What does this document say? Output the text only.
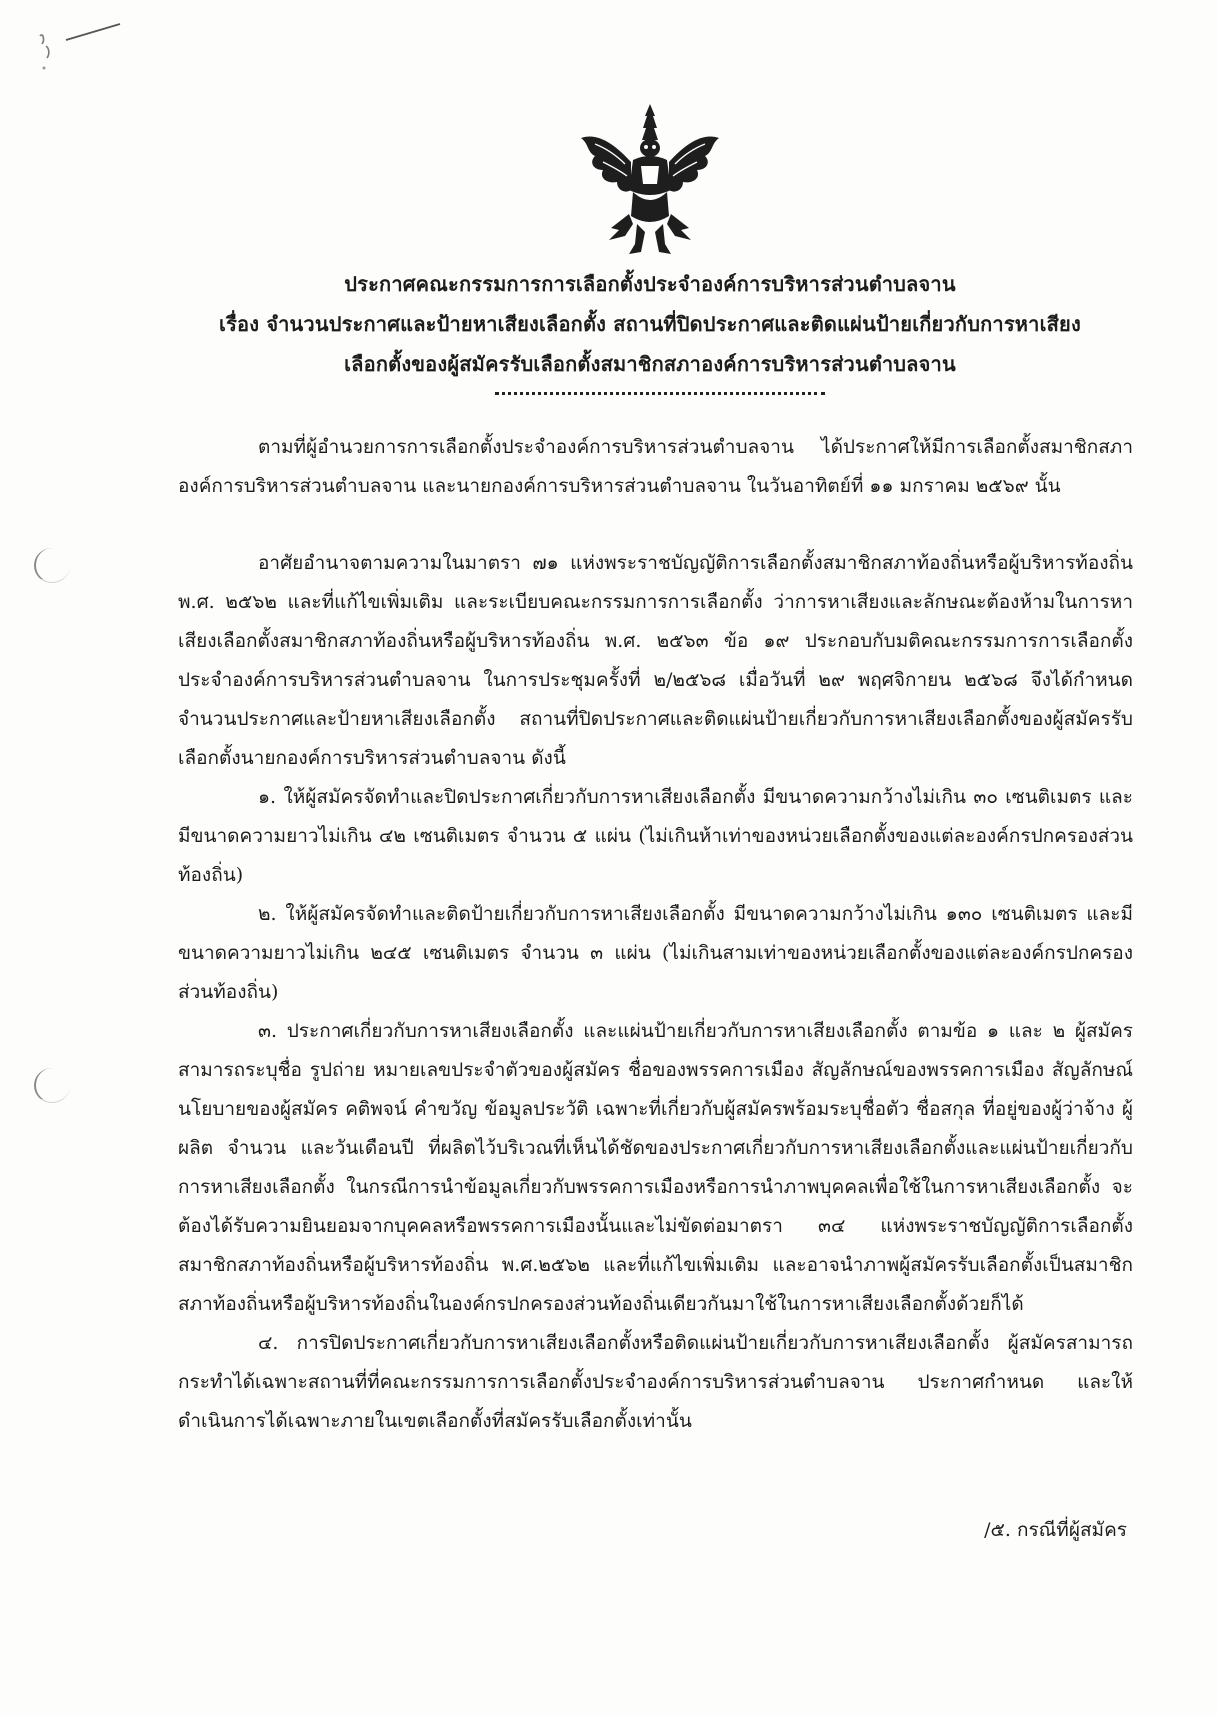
ประกาศคณะกรรมการการเลือกตั้งประจำองค์การบริหารส่วนตำบลจาน
เรื่อง จำนวนประกาศและป้ายหาเสียงเลือกตั้ง สถานที่ปิดประกาศและติดแผ่นป้ายเกี่ยวกับการหาเสียง
เลือกตั้งของผู้สมัครรับเลือกตั้งสมาชิกสภาองค์การบริหารส่วนตำบลจาน

ตามที่ผู้อำนวยการการเลือกตั้งประจำองค์การบริหารส่วนตำบลจาน ได้ประกาศให้มีการเลือกตั้งสมาชิกสภาองค์การบริหารส่วนตำบลจาน และนายกองค์การบริหารส่วนตำบลจาน ในวันอาทิตย์ที่ ๑๑ มกราคม ๒๕๖๙ นั้น

อาศัยอำนาจตามความในมาตรา ๗๑ แห่งพระราชบัญญัติการเลือกตั้งสมาชิกสภาท้องถิ่นหรือผู้บริหารท้องถิ่น พ.ศ. ๒๕๖๒ และที่แก้ไขเพิ่มเติม และระเบียบคณะกรรมการการเลือกตั้ง ว่าการหาเสียงและลักษณะต้องห้ามในการหาเสียงเลือกตั้งสมาชิกสภาท้องถิ่นหรือผู้บริหารท้องถิ่น พ.ศ. ๒๕๖๓ ข้อ ๑๙ ประกอบกับมติคณะกรรมการการเลือกตั้งประจำองค์การบริหารส่วนตำบลจาน ในการประชุมครั้งที่ ๒/๒๕๖๘ เมื่อวันที่ ๒๙ พฤศจิกายน ๒๕๖๘ จึงได้กำหนดจำนวนประกาศและป้ายหาเสียงเลือกตั้ง สถานที่ปิดประกาศและติดแผ่นป้ายเกี่ยวกับการหาเสียงเลือกตั้งของผู้สมัครรับเลือกตั้งนายกองค์การบริหารส่วนตำบลจาน ดังนี้

๑. ให้ผู้สมัครจัดทำและปิดประกาศเกี่ยวกับการหาเสียงเลือกตั้ง มีขนาดความกว้างไม่เกิน ๓๐ เซนติเมตร และมีขนาดความยาวไม่เกิน ๔๒ เซนติเมตร จำนวน ๕ แผ่น (ไม่เกินห้าเท่าของหน่วยเลือกตั้งของแต่ละองค์กรปกครองส่วนท้องถิ่น)

๒. ให้ผู้สมัครจัดทำและติดป้ายเกี่ยวกับการหาเสียงเลือกตั้ง มีขนาดความกว้างไม่เกิน ๑๓๐ เซนติเมตร และมีขนาดความยาวไม่เกิน ๒๔๕ เซนติเมตร จำนวน ๓ แผ่น (ไม่เกินสามเท่าของหน่วยเลือกตั้งของแต่ละองค์กรปกครองส่วนท้องถิ่น)

๓. ประกาศเกี่ยวกับการหาเสียงเลือกตั้ง และแผ่นป้ายเกี่ยวกับการหาเสียงเลือกตั้ง ตามข้อ ๑ และ ๒ ผู้สมัครสามารถระบุชื่อ รูปถ่าย หมายเลขประจำตัวของผู้สมัคร ชื่อของพรรคการเมือง สัญลักษณ์ของพรรคการเมือง สัญลักษณ์ นโยบายของผู้สมัคร คติพจน์ คำขวัญ ข้อมูลประวัติ เฉพาะที่เกี่ยวกับผู้สมัครพร้อมระบุชื่อตัว ชื่อสกุล ที่อยู่ของผู้ว่าจ้าง ผู้ผลิต จำนวน และวันเดือนปี ที่ผลิตไว้บริเวณที่เห็นได้ชัดของประกาศเกี่ยวกับการหาเสียงเลือกตั้งและแผ่นป้ายเกี่ยวกับการหาเสียงเลือกตั้ง ในกรณีการนำข้อมูลเกี่ยวกับพรรคการเมืองหรือการนำภาพบุคคลเพื่อใช้ในการหาเสียงเลือกตั้ง จะต้องได้รับความยินยอมจากบุคคลหรือพรรคการเมืองนั้นและไม่ขัดต่อมาตรา ๓๔ แห่งพระราชบัญญัติการเลือกตั้งสมาชิกสภาท้องถิ่นหรือผู้บริหารท้องถิ่น พ.ศ.๒๕๖๒ และที่แก้ไขเพิ่มเติม และอาจนำภาพผู้สมัครรับเลือกตั้งเป็นสมาชิกสภาท้องถิ่นหรือผู้บริหารท้องถิ่นในองค์กรปกครองส่วนท้องถิ่นเดียวกันมาใช้ในการหาเสียงเลือกตั้งด้วยก็ได้

๔. การปิดประกาศเกี่ยวกับการหาเสียงเลือกตั้งหรือติดแผ่นป้ายเกี่ยวกับการหาเสียงเลือกตั้ง ผู้สมัครสามารถกระทำได้เฉพาะสถานที่ที่คณะกรรมการการเลือกตั้งประจำองค์การบริหารส่วนตำบลจาน ประกาศกำหนด และให้ดำเนินการได้เฉพาะภายในเขตเลือกตั้งที่สมัครรับเลือกตั้งเท่านั้น

/๕. กรณีที่ผู้สมัคร
